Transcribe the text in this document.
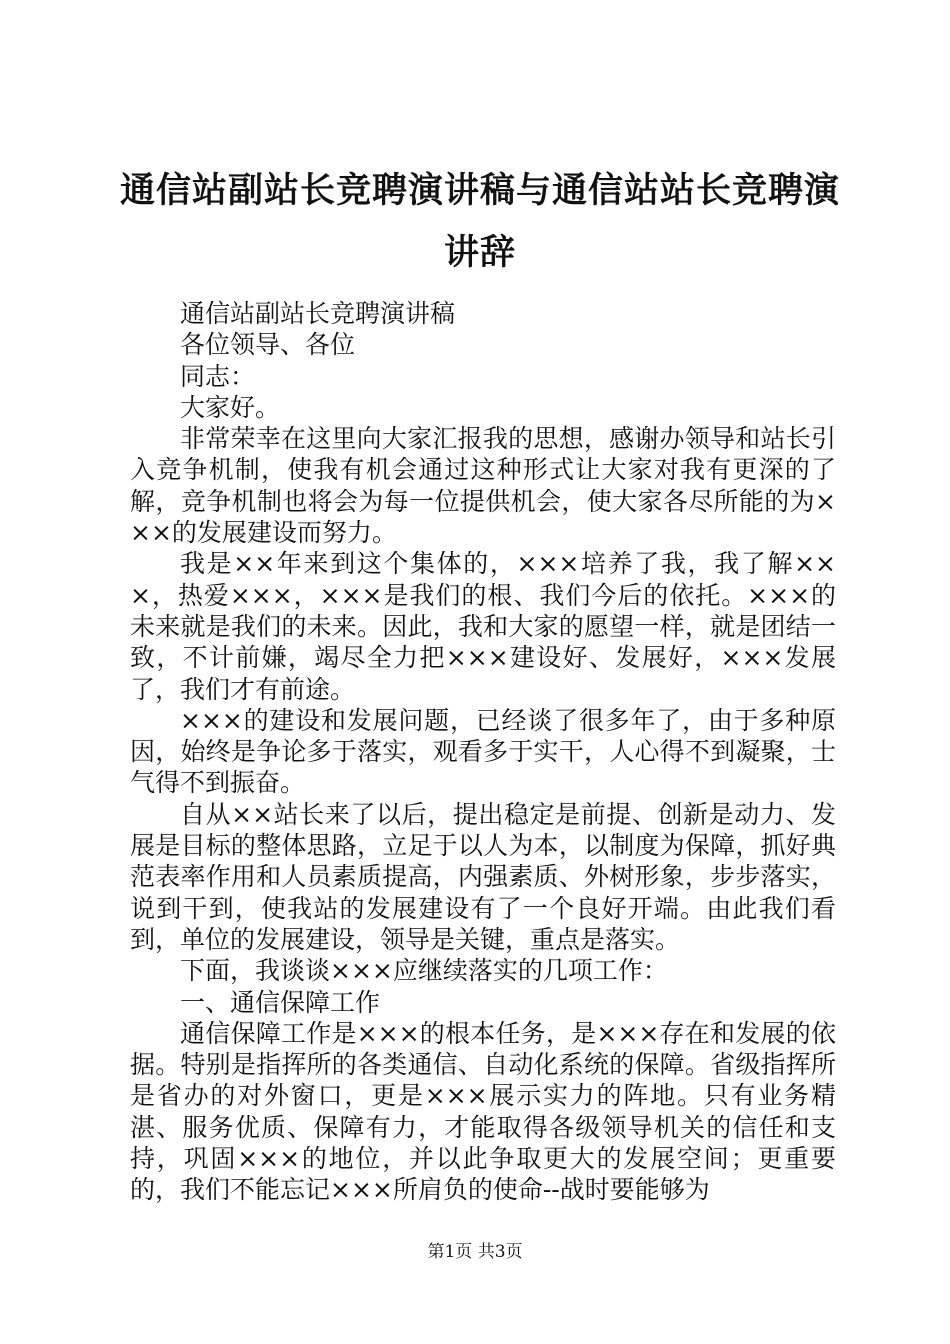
通信站副站长竞聘演讲稿与通信站站长竞聘演讲辞

通信站副站长竞聘演讲稿

各位领导、各位

同志：

大家好。

非常荣幸在这里向大家汇报我的思想，感谢办领导和站长引入竞争机制，使我有机会通过这种形式让大家对我有更深的了解，竞争机制也将会为每一位提供机会，使大家各尽所能的为×××的发展建设而努力。

我是××年来到这个集体的，×××培养了我，我了解×××，热爱×××，×××是我们的根、我们今后的依托。×××的未来就是我们的未来。因此，我和大家的愿望一样，就是团结一致，不计前嫌，竭尽全力把×××建设好、发展好，×××发展了，我们才有前途。

×××的建设和发展问题，已经谈了很多年了，由于多种原因，始终是争论多于落实，观看多于实干，人心得不到凝聚，士气得不到振奋。

自从××站长来了以后，提出稳定是前提、创新是动力、发展是目标的整体思路，立足于以人为本，以制度为保障，抓好典范表率作用和人员素质提高，内强素质、外树形象，步步落实，说到干到，使我站的发展建设有了一个良好开端。由此我们看到，单位的发展建设，领导是关键，重点是落实。

下面，我谈谈×××应继续落实的几项工作：

一、通信保障工作

通信保障工作是×××的根本任务，是×××存在和发展的依据。特别是指挥所的各类通信、自动化系统的保障。省级指挥所是省办的对外窗口，更是×××展示实力的阵地。只有业务精湛、服务优质、保障有力，才能取得各级领导机关的信任和支持，巩固×××的地位，并以此争取更大的发展空间；更重要的，我们不能忘记×××所肩负的使命--战时要能够为

第1页 共3页
